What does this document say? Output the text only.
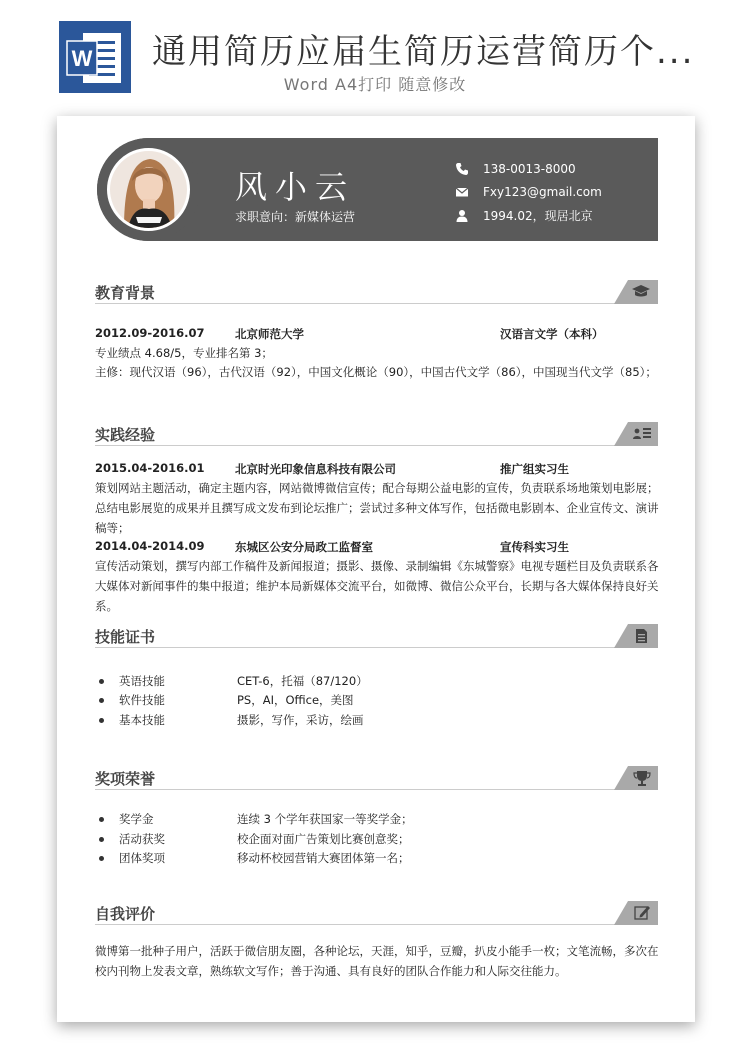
W 通用简历应届生简历运营简历个...
Word A4打印 随意修改
风小云
求职意向：新媒体运营
138-0013-8000
Fxy123@gmail.com
1994.02，现居北京
教育背景
2012.09-2016.07	北京师范大学	汉语言文学（本科）
专业绩点 4.68/5，专业排名第 3；
主修：现代汉语（96），古代汉语（92），中国文化概论（90），中国古代文学（86），中国现当代文学（85）；
实践经验
2015.04-2016.01	北京时光印象信息科技有限公司	推广组实习生
策划网站主题活动，确定主题内容，网站微博微信宣传；配合每期公益电影的宣传，负责联系场地策划电影展；总结电影展览的成果并且撰写成文发布到论坛推广；尝试过多种文体写作，包括微电影剧本、企业宣传文、演讲稿等；
2014.04-2014.09	东城区公安分局政工监督室	宣传科实习生
宣传活动策划，撰写内部工作稿件及新闻报道；摄影、摄像、录制编辑《东城警察》电视专题栏目及负责联系各大媒体对新闻事件的集中报道；维护本局新媒体交流平台，如微博、微信公众平台，长期与各大媒体保持良好关系。
技能证书
英语技能	CET-6，托福（87/120）
软件技能	PS，AI，Office，美图
基本技能	摄影，写作，采访，绘画
奖项荣誉
奖学金	连续 3 个学年获国家一等奖学金；
活动获奖	校企面对面广告策划比赛创意奖；
团体奖项	移动杯校园营销大赛团体第一名；
自我评价
微博第一批种子用户，活跃于微信朋友圈，各种论坛，天涯，知乎，豆瓣，扒皮小能手一枚；文笔流畅，多次在校内刊物上发表文章，熟练软文写作；善于沟通、具有良好的团队合作能力和人际交往能力。
